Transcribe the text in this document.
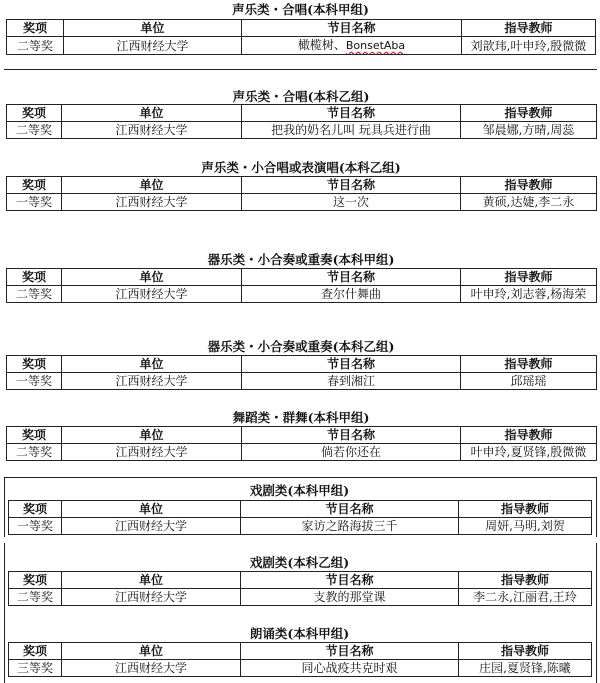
声乐类・合唱(本科甲组)
奖项	单位	节目名称	指导教师
二等奖	江西财经大学	橄榄树、BonsetAba	刘歆玮,叶申玲,殷微微
声乐类・合唱(本科乙组)
奖项	单位	节目名称	指导教师
二等奖	江西财经大学	把我的奶名儿叫 玩具兵进行曲	邹晨娜,方晴,周蕊
声乐类・小合唱或表演唱(本科乙组)
奖项	单位	节目名称	指导教师
一等奖	江西财经大学	这一次	黄硕,达婕,李二永
器乐类・小合奏或重奏(本科甲组)
奖项	单位	节目名称	指导教师
二等奖	江西财经大学	查尔什舞曲	叶申玲,刘志蓉,杨海荣
器乐类・小合奏或重奏(本科乙组)
奖项	单位	节目名称	指导教师
一等奖	江西财经大学	春到湘江	邱瑶瑶
舞蹈类・群舞(本科甲组)
奖项	单位	节目名称	指导教师
二等奖	江西财经大学	倘若你还在	叶申玲,夏贤锋,殷微微
戏剧类(本科甲组)
奖项	单位	节目名称	指导教师
一等奖	江西财经大学	家访之路海拔三千	周妍,马明,刘贺
戏剧类(本科乙组)
奖项	单位	节目名称	指导教师
二等奖	江西财经大学	支教的那堂课	李二永,江丽君,王玲
朗诵类(本科甲组)
奖项	单位	节目名称	指导教师
三等奖	江西财经大学	同心战疫共克时艰	庄园,夏贤锋,陈曦
